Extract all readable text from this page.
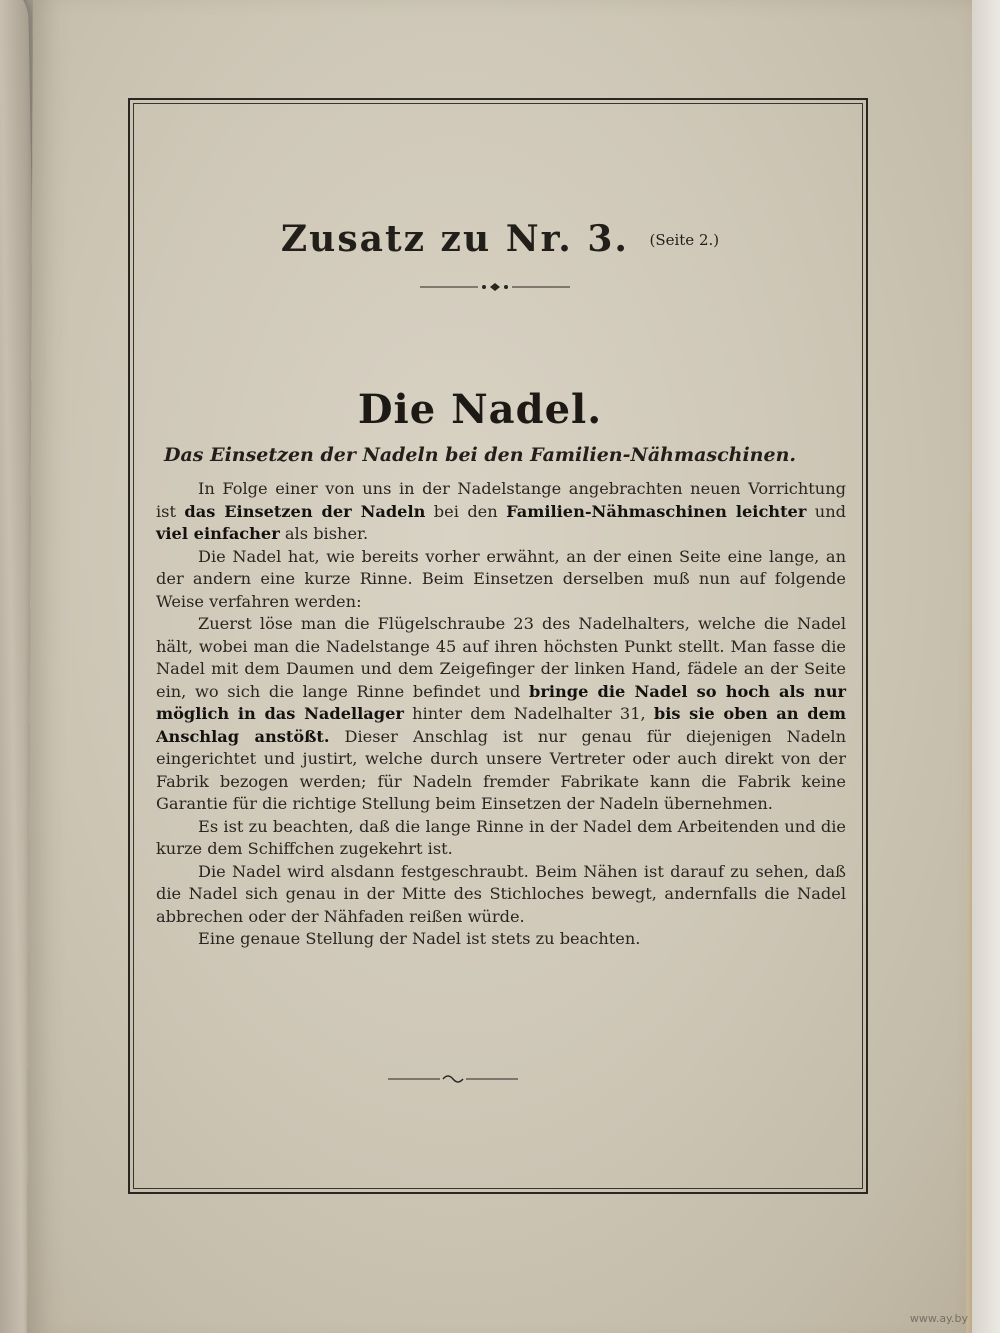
Zusatz zu Nr. 3. $^{(Seite 2.)}$
Die Nadel.
Das Einsetzen der Nadeln bei den Familien-Nähmaschinen.

In Folge einer von uns in der Nadelstange angebrachten neuen Vorrichtung ist das Einsetzen der Nadeln bei den Familien-Nähmaschinen leichter und viel einfacher als bisher.

Die Nadel hat, wie bereits vorher erwähnt, an der einen Seite eine lange, an der andern eine kurze Rinne. Beim Einsetzen derselben muß nun auf folgende Weise verfahren werden:

Zuerst löse man die Flügelschraube 23 des Nadelhalters, welche die Nadel hält, wobei man die Nadelstange 45 auf ihren höchsten Punkt stellt. Man fasse die Nadel mit dem Daumen und dem Zeigefinger der linken Hand, fädele an der Seite ein, wo sich die lange Rinne befindet und bringe die Nadel so hoch als nur möglich in das Nadellager hinter dem Nadelhalter 31, bis sie oben an dem Anschlag anstößt. Dieser Anschlag ist nur genau für diejenigen Nadeln eingerichtet und justirt, welche durch unsere Vertreter oder auch direkt von der Fabrik bezogen werden; für Nadeln fremder Fabrikate kann die Fabrik keine Garantie für die richtige Stellung beim Einsetzen der Nadeln übernehmen.

Es ist zu beachten, daß die lange Rinne in der Nadel dem Arbeitenden und die kurze dem Schiffchen zugekehrt ist.

Die Nadel wird alsdann festgeschraubt. Beim Nähen ist darauf zu sehen, daß die Nadel sich genau in der Mitte des Stichloches bewegt, andernfalls die Nadel abbrechen oder der Nähfaden reißen würde.

Eine genaue Stellung der Nadel ist stets zu beachten.

www.ay.by
